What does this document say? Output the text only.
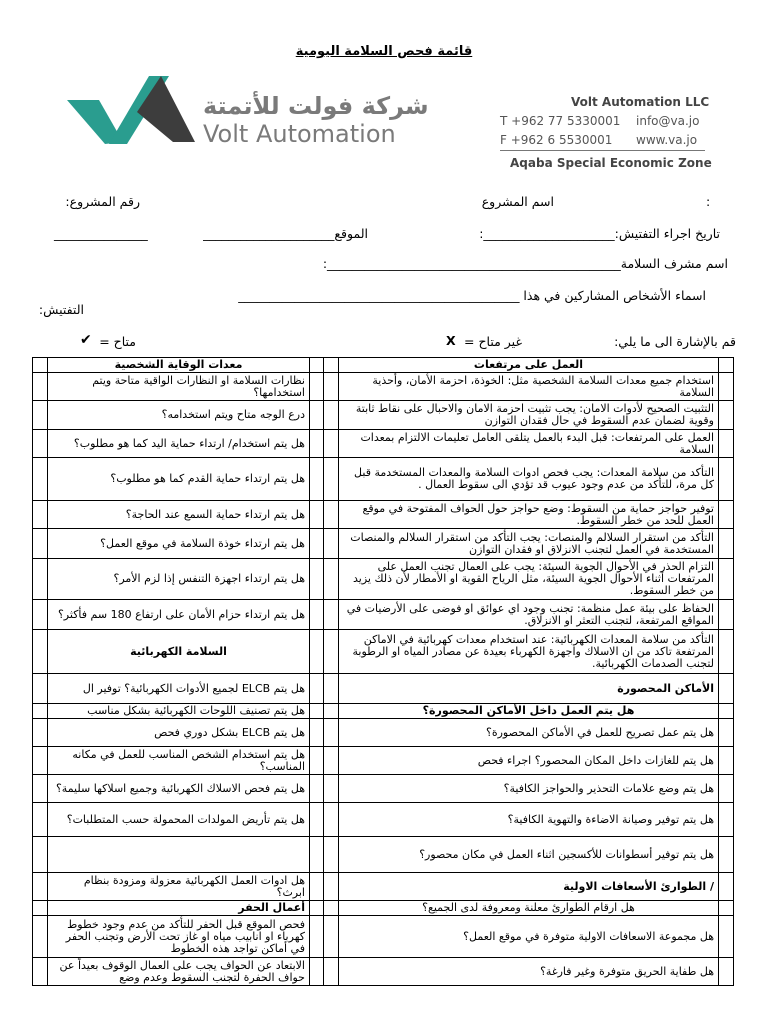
قائمة فحص السلامة اليومية
شركة فولت للأتمتة
Volt Automation
Volt Automation LLC
T +962 77 5330001 info@va.jo
F +962 6 5530001 www.va.jo
Aqaba Special Economic Zone
رقم المشروع:	اسم المشروع	:
_______________	الموقع_____________________	تاريخ اجراء التفتيش:_____________________:
اسم مشرف السلامة_______________________________________________:
اسماء الأشخاص المشاركين في هذا _____________________________________________
التفتيش:
قم بالإشارة الى ما يلي:
غير متاح =
X
متاح =
✔
	معدات الوقاية الشخصية			العمل على مرتفعات	
	نظارات السلامة او النظارات الواقية متاحة ويتم استخدامها؟			استخدام جميع معدات السلامة الشخصية مثل: الخوذة، احزمة الأمان، وأحذية السلامة	
	درع الوجه متاح ويتم استخدامه؟			التثبيت الصحيح لأدوات الامان: يجب تثبيت احزمة الامان والاحبال على نقاط ثابتة وقوية لضمان عدم السقوط في حال فقدان التوازن	
	هل يتم استخدام/ ارتداء حماية اليد كما هو مطلوب؟			العمل على المرتفعات: قبل البدء بالعمل يتلقى العامل تعليمات الالتزام بمعدات السلامة	
	هل يتم ارتداء حماية القدم كما هو مطلوب؟			التأكد من سلامة المعدات: يجب فحص ادوات السلامة والمعدات المستخدمة قبل كل مرة، للتأكد من عدم وجود عيوب قد تؤدي الى سقوط العمال .	
	هل يتم ارتداء حماية السمع عند الحاجة؟			توفير حواجز حماية من السقوط: وضع حواجز حول الحواف المفتوحة في موقع العمل للحد من خطر السقوط.	
	هل يتم ارتداء خوذة السلامة في موقع العمل؟			التأكد من استقرار السلالم والمنصات: يجب التأكد من استقرار السلالم والمنصات المستخدمة في العمل لتجنب الانزلاق او فقدان التوازن	
	هل يتم ارتداء اجهزة التنفس إذا لزم الأمر؟			التزام الحذر في الأحوال الجوية السيئة: يجب على العمال تجنب العمل على المرتفعات أثناء الأحوال الجوية السيئة، مثل الرياح القوية او الأمطار لأن ذلك يزيد من خطر السقوط.	
	هل يتم ارتداء حزام الأمان على ارتفاع 180 سم فأكثر؟			الحفاظ على بيئة عمل منظمة: تجنب وجود اي عوائق او فوضى على الأرضيات في المواقع المرتفعة، لتجنب التعثر او الانزلاق.	
	السلامة الكهربائية			التأكد من سلامة المعدات الكهربائية: عند استخدام معدات كهربائية في الاماكن المرتفعة تاكد من ان الاسلاك واجهزة الكهرباء بعيدة عن مصادر المياه او الرطوبة لتجنب الصدمات الكهربائية.	
	هل يتم ELCB لجميع الأدوات الكهربائية؟ توفير ال			الأماكن المحصورة	
	هل يتم تصنيف اللوحات الكهربائية بشكل مناسب			هل يتم العمل داخل الأماكن المحصورة؟	
	هل يتم ELCB بشكل دوري فحص			هل يتم عمل تصريح للعمل في الأماكن المحصورة؟	
	هل يتم استخدام الشخص المناسب للعمل في مكانه المناسب؟			هل يتم للغازات داخل المكان المحصور؟ اجراء فحص	
	هل يتم فحص الاسلاك الكهربائية وجميع اسلاكها سليمة؟			هل يتم وضع علامات التحذير والحواجز الكافية؟	
	هل يتم تأريض المولدات المحمولة حسب المتطلبات؟			هل يتم توفير وصيانة الاضاءة والتهوية الكافية؟	
				هل يتم توفير أسطوانات للأكسجين اثناء العمل في مكان محصور؟	
	هل ادوات العمل الكهربائية معزولة ومزودة بنظام ابرث؟			/ الطوارئ الأسعافات الاولية	
	أعمال الحفر			هل ارقام الطوارئ معلنة ومعروفة لدى الجميع؟	
	فحص الموقع قبل الحفر للتأكد من عدم وجود خطوط كهرباء او انابيب مياه او غاز تحت الأرض وتجنب الحفر في أماكن تواجد هذه الخطوط			هل مجموعة الاسعافات الاولية متوفرة في موقع العمل؟	
	الابتعاد عن الحواف يجب على العمال الوقوف بعيداً عن حواف الحفرة لتجنب السقوط وعدم وضع			هل طفاية الحريق متوفرة وغير فارغة؟	
